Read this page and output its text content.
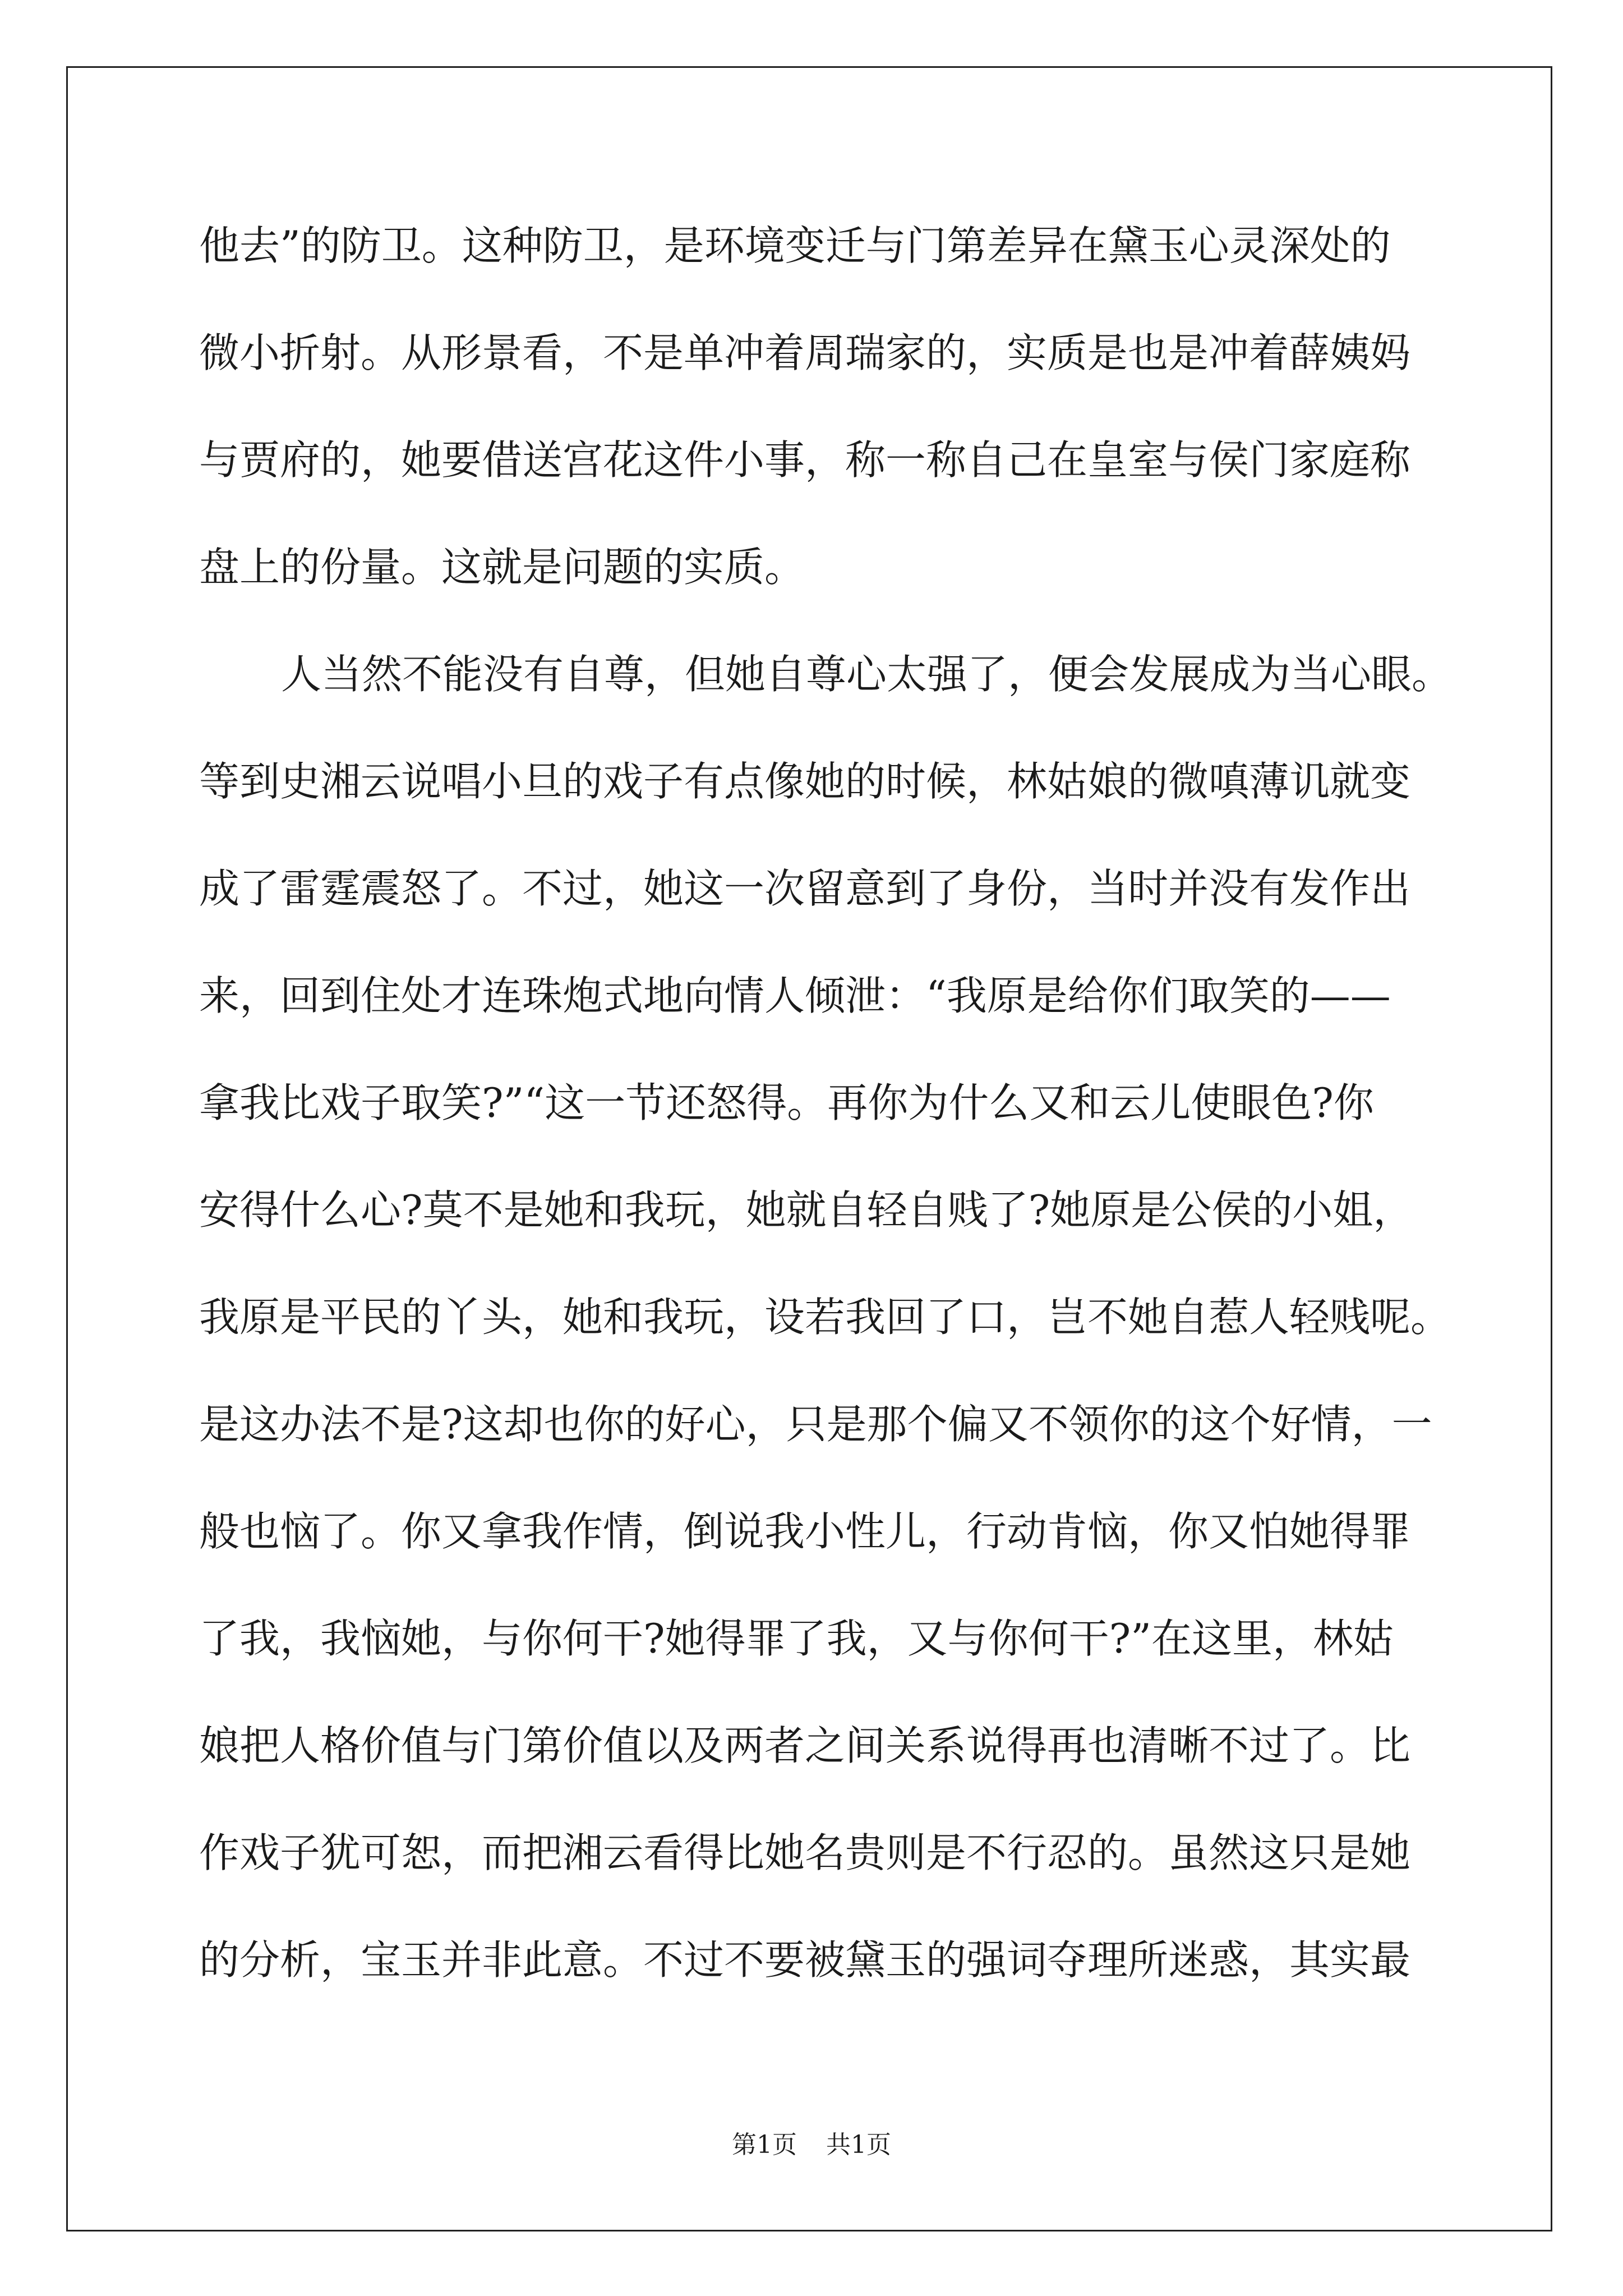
他去”的防卫。这种防卫，是环境变迁与门第差异在黛玉心灵深处的
微小折射。从形景看，不是单冲着周瑞家的，实质是也是冲着薛姨妈
与贾府的，她要借送宫花这件小事，称一称自己在皇室与侯门家庭称
盘上的份量。这就是问题的实质。
人当然不能没有自尊，但她自尊心太强了，便会发展成为当心眼。
等到史湘云说唱小旦的戏子有点像她的时候，林姑娘的微嗔薄讥就变
成了雷霆震怒了。不过，她这一次留意到了身份，当时并没有发作出
来，回到住处才连珠炮式地向情人倾泄：“我原是给你们取笑的——
拿我比戏子取笑?”“这一节还怒得。再你为什么又和云儿使眼色?你
安得什么心?莫不是她和我玩，她就自轻自贱了?她原是公侯的小姐，
我原是平民的丫头，她和我玩，设若我回了口，岂不她自惹人轻贱呢。
是这办法不是?这却也你的好心，只是那个偏又不领你的这个好情，一
般也恼了。你又拿我作情，倒说我小性儿，行动肯恼，你又怕她得罪
了我，我恼她，与你何干?她得罪了我，又与你何干?”在这里，林姑
娘把人格价值与门第价值以及两者之间关系说得再也清晰不过了。比
作戏子犹可恕，而把湘云看得比她名贵则是不行忍的。虽然这只是她
的分析，宝玉并非此意。不过不要被黛玉的强词夺理所迷惑，其实最
第1页 共1页
